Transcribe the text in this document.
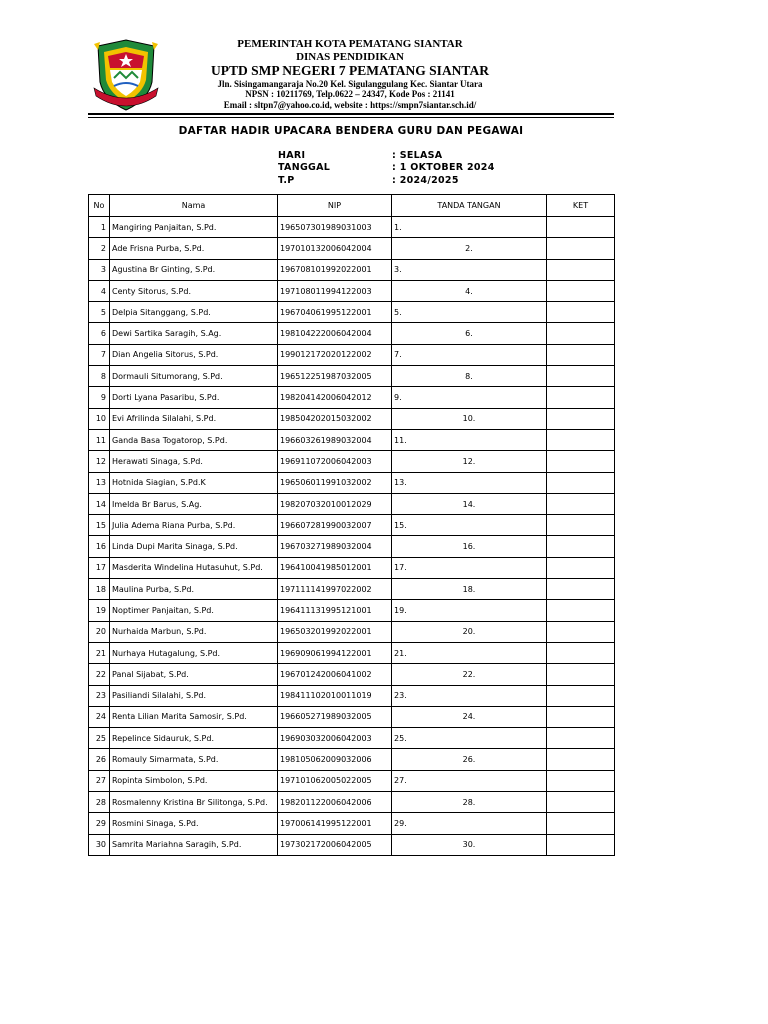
PEMERINTAH KOTA PEMATANG SIANTAR
DINAS PENDIDIKAN
UPTD SMP NEGERI 7 PEMATANG SIANTAR
Jln. Sisingamangaraja No.20 Kel. Sigulanggulang Kec. Siantar Utara
NPSN : 10211769, Telp.0622 – 24347, Kode Pos : 21141
Email : sltpn7@yahoo.co.id, website : https://smpn7siantar.sch.id/
DAFTAR HADIR UPACARA BENDERA GURU DAN PEGAWAI
HARI	: SELASA
TANGGAL	: 1 OKTOBER 2024
T.P	: 2024/2025
No	Nama	NIP	TANDA TANGAN	KET
1	Mangiring Panjaitan, S.Pd.	196507301989031003	1.	
2	Ade Frisna Purba, S.Pd.	197010132006042004	2.	
3	Agustina Br Ginting, S.Pd.	196708101992022001	3.	
4	Centy Sitorus, S.Pd.	197108011994122003	4.	
5	Delpia Sitanggang, S.Pd.	196704061995122001	5.	
6	Dewi Sartika Saragih, S.Ag.	198104222006042004	6.	
7	Dian Angelia Sitorus, S.Pd.	199012172020122002	7.	
8	Dormauli Situmorang, S.Pd.	196512251987032005	8.	
9	Dorti Lyana Pasaribu, S.Pd.	198204142006042012	9.	
10	Evi Afrilinda Silalahi, S.Pd.	198504202015032002	10.	
11	Ganda Basa Togatorop, S.Pd.	196603261989032004	11.	
12	Herawati Sinaga, S.Pd.	196911072006042003	12.	
13	Hotnida Siagian, S.Pd.K	196506011991032002	13.	
14	Imelda Br Barus, S.Ag.	198207032010012029	14.	
15	Julia Adema Riana Purba, S.Pd.	196607281990032007	15.	
16	Linda Dupi Marita Sinaga, S.Pd.	196703271989032004	16.	
17	Masderita Windelina Hutasuhut, S.Pd.	196410041985012001	17.	
18	Maulina Purba, S.Pd.	197111141997022002	18.	
19	Noptimer Panjaitan, S.Pd.	196411131995121001	19.	
20	Nurhaida Marbun, S.Pd.	196503201992022001	20.	
21	Nurhaya Hutagalung, S.Pd.	196909061994122001	21.	
22	Panal Sijabat, S.Pd.	196701242006041002	22.	
23	Pasiliandi Silalahi, S.Pd.	198411102010011019	23.	
24	Renta Lilian Marita Samosir, S.Pd.	196605271989032005	24.	
25	Repelince Sidauruk, S.Pd.	196903032006042003	25.	
26	Romauly Simarmata, S.Pd.	198105062009032006	26.	
27	Ropinta Simbolon, S.Pd.	197101062005022005	27.	
28	Rosmalenny Kristina Br Silitonga, S.Pd.	198201122006042006	28.	
29	Rosmini Sinaga, S.Pd.	197006141995122001	29.	
30	Samrita Mariahna Saragih, S.Pd.	197302172006042005	30.	
